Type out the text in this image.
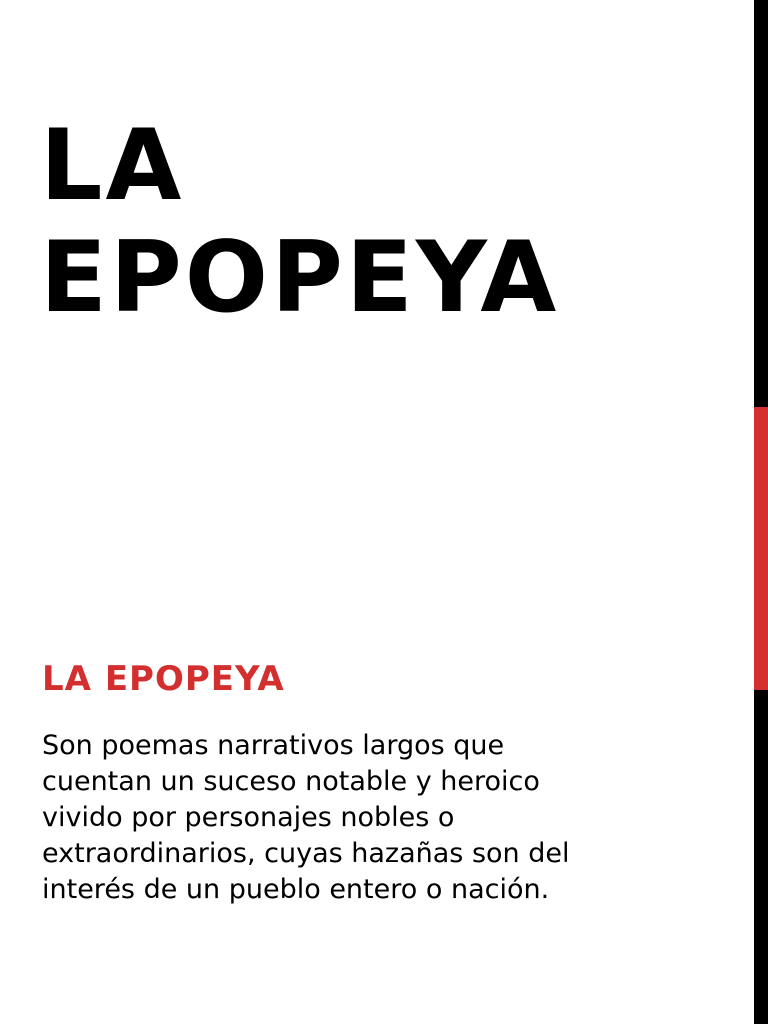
LA
EPOPEYA
LA EPOPEYA

Son poemas narrativos largos que
cuentan un suceso notable y heroico
vivido por personajes nobles o
extraordinarios, cuyas hazañas son del
interés de un pueblo entero o nación.
